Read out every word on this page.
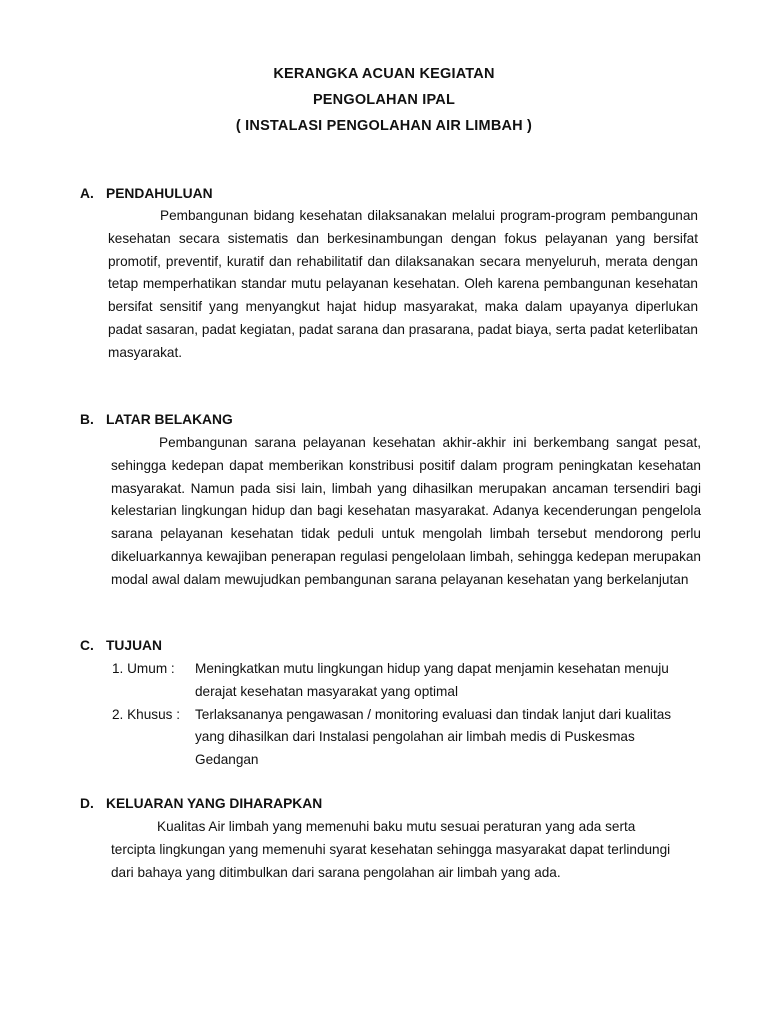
KERANGKA ACUAN KEGIATAN
PENGOLAHAN IPAL
( INSTALASI PENGOLAHAN AIR LIMBAH )
A. PENDAHULUAN
Pembangunan bidang kesehatan dilaksanakan melalui program-program pembangunan kesehatan secara sistematis dan berkesinambungan dengan fokus pelayanan yang bersifat promotif, preventif, kuratif dan rehabilitatif dan dilaksanakan secara menyeluruh, merata dengan tetap memperhatikan standar mutu pelayanan kesehatan. Oleh karena pembangunan kesehatan bersifat sensitif yang menyangkut hajat hidup masyarakat, maka dalam upayanya diperlukan padat sasaran, padat kegiatan, padat sarana dan prasarana, padat biaya, serta padat keterlibatan masyarakat.
B. LATAR BELAKANG
Pembangunan sarana pelayanan kesehatan akhir-akhir ini berkembang sangat pesat, sehingga kedepan dapat memberikan konstribusi positif dalam program peningkatan kesehatan masyarakat. Namun pada sisi lain, limbah yang dihasilkan merupakan ancaman tersendiri bagi kelestarian lingkungan hidup dan bagi kesehatan masyarakat. Adanya kecenderungan pengelola sarana pelayanan kesehatan tidak peduli untuk mengolah limbah tersebut mendorong perlu dikeluarkannya kewajiban penerapan regulasi pengelolaan limbah, sehingga kedepan merupakan modal awal dalam mewujudkan pembangunan sarana pelayanan kesehatan yang berkelanjutan
C. TUJUAN
1. Umum : Meningkatkan mutu lingkungan hidup yang dapat menjamin kesehatan menuju derajat kesehatan masyarakat yang optimal
2. Khusus : Terlaksananya pengawasan / monitoring evaluasi dan tindak lanjut dari kualitas yang dihasilkan dari Instalasi pengolahan air limbah medis di Puskesmas Gedangan
D. KELUARAN YANG DIHARAPKAN
Kualitas Air limbah yang memenuhi baku mutu sesuai peraturan yang ada serta tercipta lingkungan yang memenuhi syarat kesehatan sehingga masyarakat dapat terlindungi dari bahaya yang ditimbulkan dari sarana pengolahan air limbah yang ada.
